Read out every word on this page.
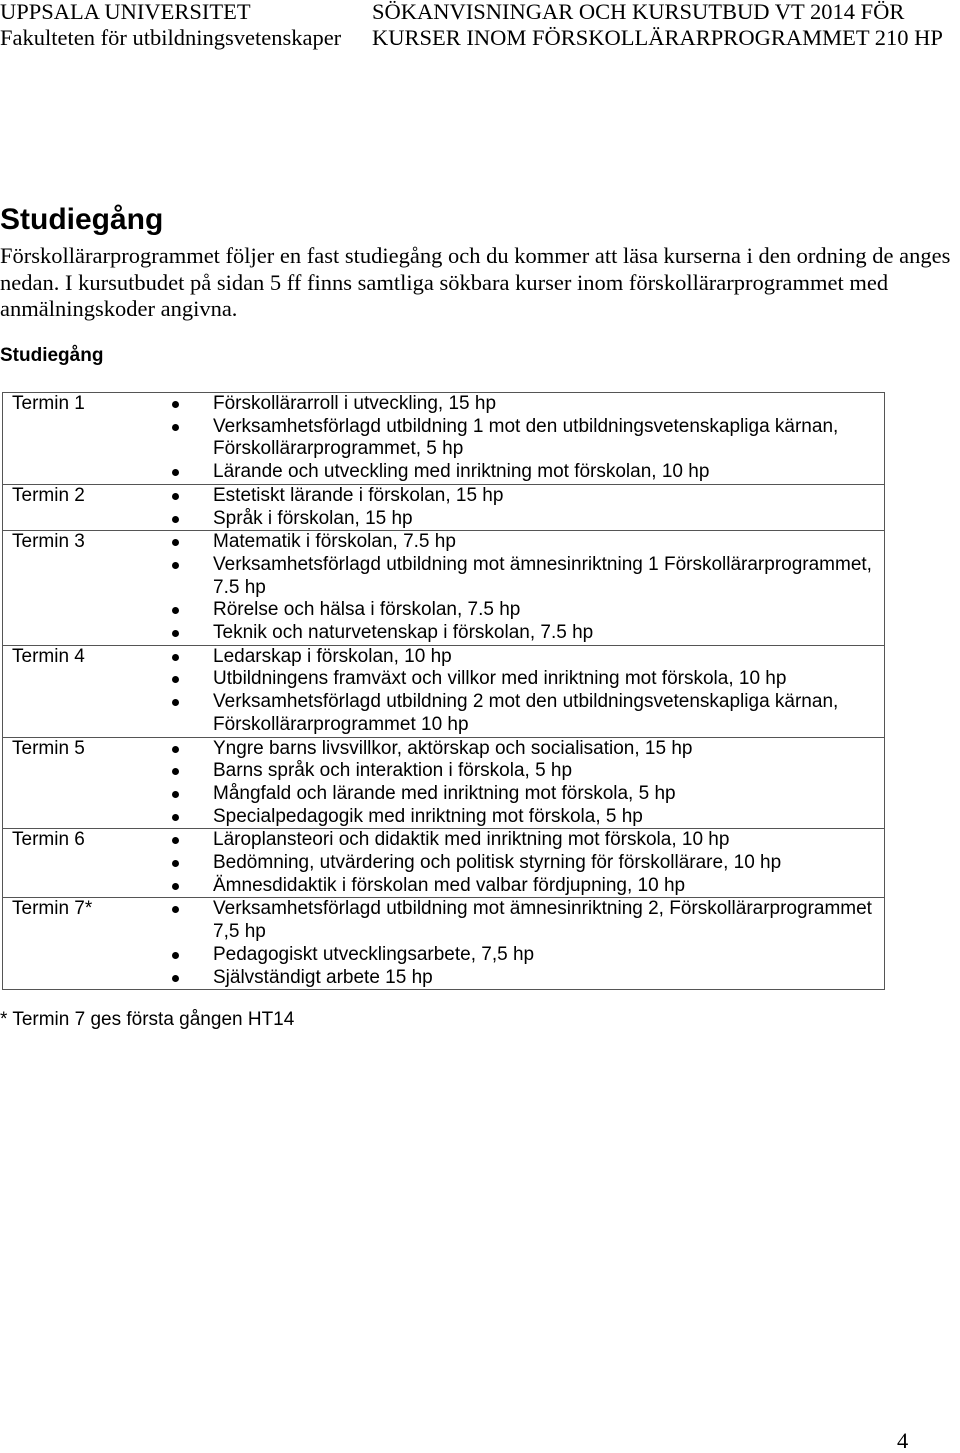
UPPSALA UNIVERSITET
Fakulteten för utbildningsvetenskaper
SÖKANVISNINGAR OCH KURSUTBUD VT 2014 FÖR
KURSER INOM FÖRSKOLLÄRARPROGRAMMET 210 HP
Studiegång

Förskollärarprogrammet följer en fast studiegång och du kommer att läsa kurserna i den ordning de anges nedan. I kursutbudet på sidan 5 ff finns samtliga sökbara kurser inom förskollärarprogrammet med anmälningskoder angivna.

Studiegång
Termin 1	Förskollärarroll i utveckling, 15 hp
Verksamhetsförlagd utbildning 1 mot den utbildningsvetenskapliga kärnan, Förskollärarprogrammet, 5 hp
Lärande och utveckling med inriktning mot förskolan, 10 hp
Termin 2	Estetiskt lärande i förskolan, 15 hp
Språk i förskolan, 15 hp
Termin 3	Matematik i förskolan, 7.5 hp
Verksamhetsförlagd utbildning mot ämnesinriktning 1 Förskollärarprogrammet, 7.5 hp
Rörelse och hälsa i förskolan, 7.5 hp
Teknik och naturvetenskap i förskolan, 7.5 hp
Termin 4	Ledarskap i förskolan, 10 hp
Utbildningens framväxt och villkor med inriktning mot förskola, 10 hp
Verksamhetsförlagd utbildning 2 mot den utbildningsvetenskapliga kärnan, Förskollärarprogrammet 10 hp
Termin 5	Yngre barns livsvillkor, aktörskap och socialisation, 15 hp
Barns språk och interaktion i förskola, 5 hp
Mångfald och lärande med inriktning mot förskola, 5 hp
Specialpedagogik med inriktning mot förskola, 5 hp
Termin 6	Läroplansteori och didaktik med inriktning mot förskola, 10 hp
Bedömning, utvärdering och politisk styrning för förskollärare, 10 hp
Ämnesdidaktik i förskolan med valbar fördjupning, 10 hp
Termin 7*	Verksamhetsförlagd utbildning mot ämnesinriktning 2, Förskollärarprogrammet 7,5 hp
Pedagogiskt utvecklingsarbete, 7,5 hp
Självständigt arbete 15 hp
* Termin 7 ges första gången HT14
4
